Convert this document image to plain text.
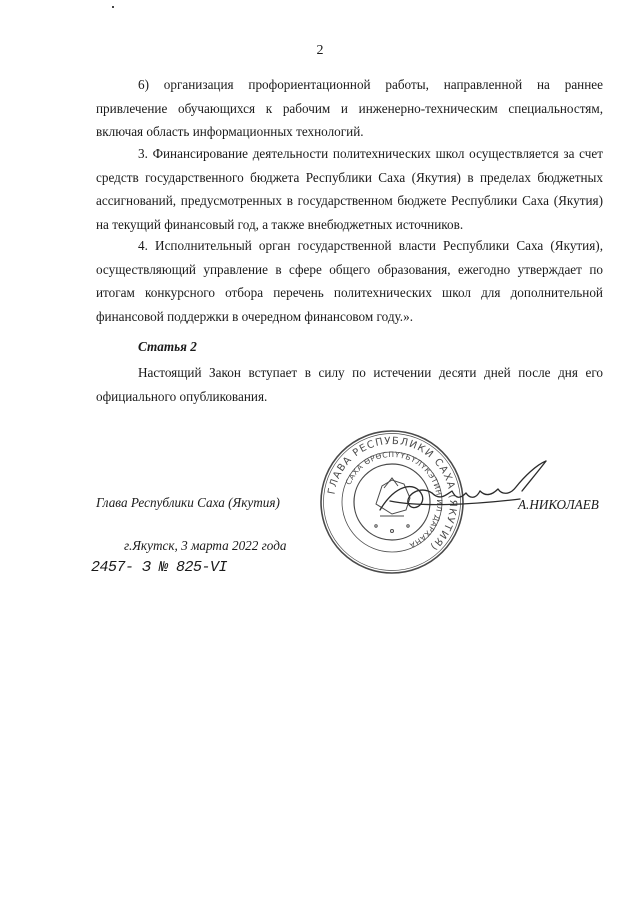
2

6) организация профориентационной работы, направленной на раннее привлечение обучающихся к рабочим и инженерно-техническим специальностям, включая область информационных технологий.

3. Финансирование деятельности политехнических школ осуществляется за счет средств государственного бюджета Республики Саха (Якутия) в пределах бюджетных ассигнований, предусмотренных в государственном бюджете Республики Саха (Якутия) на текущий финансовый год, а также внебюджетных источников.

4. Исполнительный орган государственной власти Республики Саха (Якутия), осуществляющий управление в сфере общего образования, ежегодно утверждает по итогам конкурсного отбора перечень политехнических школ для дополнительной финансовой поддержки в очередном финансовом году.».

Статья 2

Настоящий Закон вступает в силу по истечении десяти дней после дня его официального опубликования.

Глава Республики Саха (Якутия)
ГЛАВА РЕСПУБЛИКИ САХА (ЯКУТИЯ)
САХА ӨРӨСПҮҮБҮЛҮКЭТИН ИЛ ДАРХАНА
А.НИКОЛАЕВ
г.Якутск, 3 марта 2022 года
2457- З № 825-VI
